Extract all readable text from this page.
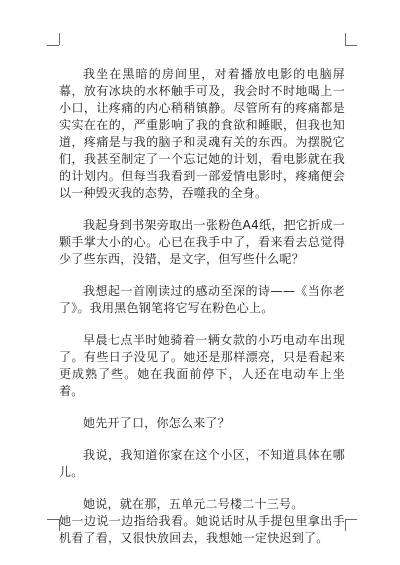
我坐在黑暗的房间里，对着播放电影的电脑屏幕，放有冰块的水杯触手可及，我会时不时地喝上一小口，让疼痛的内心稍稍镇静。尽管所有的疼痛都是实实在在的，严重影响了我的食欲和睡眠，但我也知道，疼痛是与我的脑子和灵魂有关的东西。为摆脱它们，我甚至制定了一个忘记她的计划，看电影就在我的计划内。但每当我看到一部爱情电影时，疼痛便会以一种毁灭我的态势，吞噬我的全身。

我起身到书架旁取出一张粉色A4纸，把它折成一颗手掌大小的心。心已在我手中了，看来看去总觉得少了些东西，没错，是文字，但写些什么呢？

我想起一首刚读过的感动至深的诗——《当你老了》。我用黑色钢笔将它写在粉色心上。

早晨七点半时她骑着一辆女款的小巧电动车出现了。有些日子没见了。她还是那样漂亮，只是看起来更成熟了些。她在我面前停下，人还在电动车上坐着。

她先开了口，你怎么来了？

我说，我知道你家在这个小区，不知道具体在哪儿。

她说，就在那，五单元二号楼二十三号。

她一边说一边指给我看。她说话时从手提包里拿出手机看了看，又很快放回去，我想她一定快迟到了。
